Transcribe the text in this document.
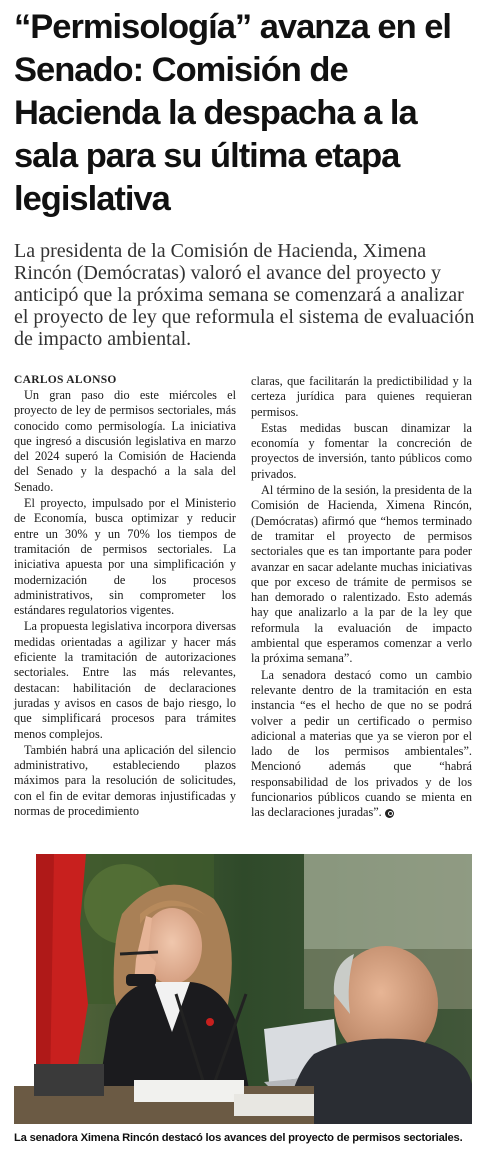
“Permisología” avanza en el Senado: Comisión de Hacienda la despacha a la sala para su última etapa legislativa

La presidenta de la Comisión de Hacienda, Ximena Rincón (Demócratas) valoró el avance del proyecto y anticipó que la próxima semana se comenzará a analizar el proyecto de ley que reformula el sistema de evaluación de impacto ambiental.

CARLOS ALONSO

Un gran paso dio este miércoles el proyecto de ley de permisos sectoriales, más conocido como permisología. La iniciativa que ingresó a discusión legislativa en marzo del 2024 superó la Comisión de Hacienda del Senado y la despachó a la sala del Senado.

El proyecto, impulsado por el Ministerio de Economía, busca optimizar y reducir entre un 30% y un 70% los tiempos de tramitación de permisos sectoriales. La iniciativa apuesta por una simplificación y modernización de los procesos administrativos, sin comprometer los estándares regulatorios vigentes.

La propuesta legislativa incorpora diversas medidas orientadas a agilizar y hacer más eficiente la tramitación de autorizaciones sectoriales. Entre las más relevantes, destacan: habilitación de declaraciones juradas y avisos en casos de bajo riesgo, lo que simplificará procesos para trámites menos complejos.

También habrá una aplicación del silencio administrativo, estableciendo plazos máximos para la resolución de solicitudes, con el fin de evitar demoras injustificadas y normas de procedimiento

claras, que facilitarán la predictibilidad y la certeza jurídica para quienes requieran permisos.

Estas medidas buscan dinamizar la economía y fomentar la concreción de proyectos de inversión, tanto públicos como privados.

Al término de la sesión, la presidenta de la Comisión de Hacienda, Ximena Rincón, (Demócratas) afirmó que “hemos terminado de tramitar el proyecto de permisos sectoriales que es tan importante para poder avanzar en sacar adelante muchas iniciativas que por exceso de trámite de permisos se han demorado o ralentizado. Esto además hay que analizarlo a la par de la ley que reformula la evaluación de impacto ambiental que esperamos comenzar a verlo la próxima semana”.

La senadora destacó como un cambio relevante dentro de la tramitación en esta instancia “es el hecho de que no se podrá volver a pedir un certificado o permiso adicional a materias que ya se vieron por el lado de los permisos ambientales”. Mencionó además que “habrá responsabilidad de los privados y de los funcionarios públicos cuando se mienta en las declaraciones juradas”.

La senadora Ximena Rincón destacó los avances del proyecto de permisos sectoriales.
